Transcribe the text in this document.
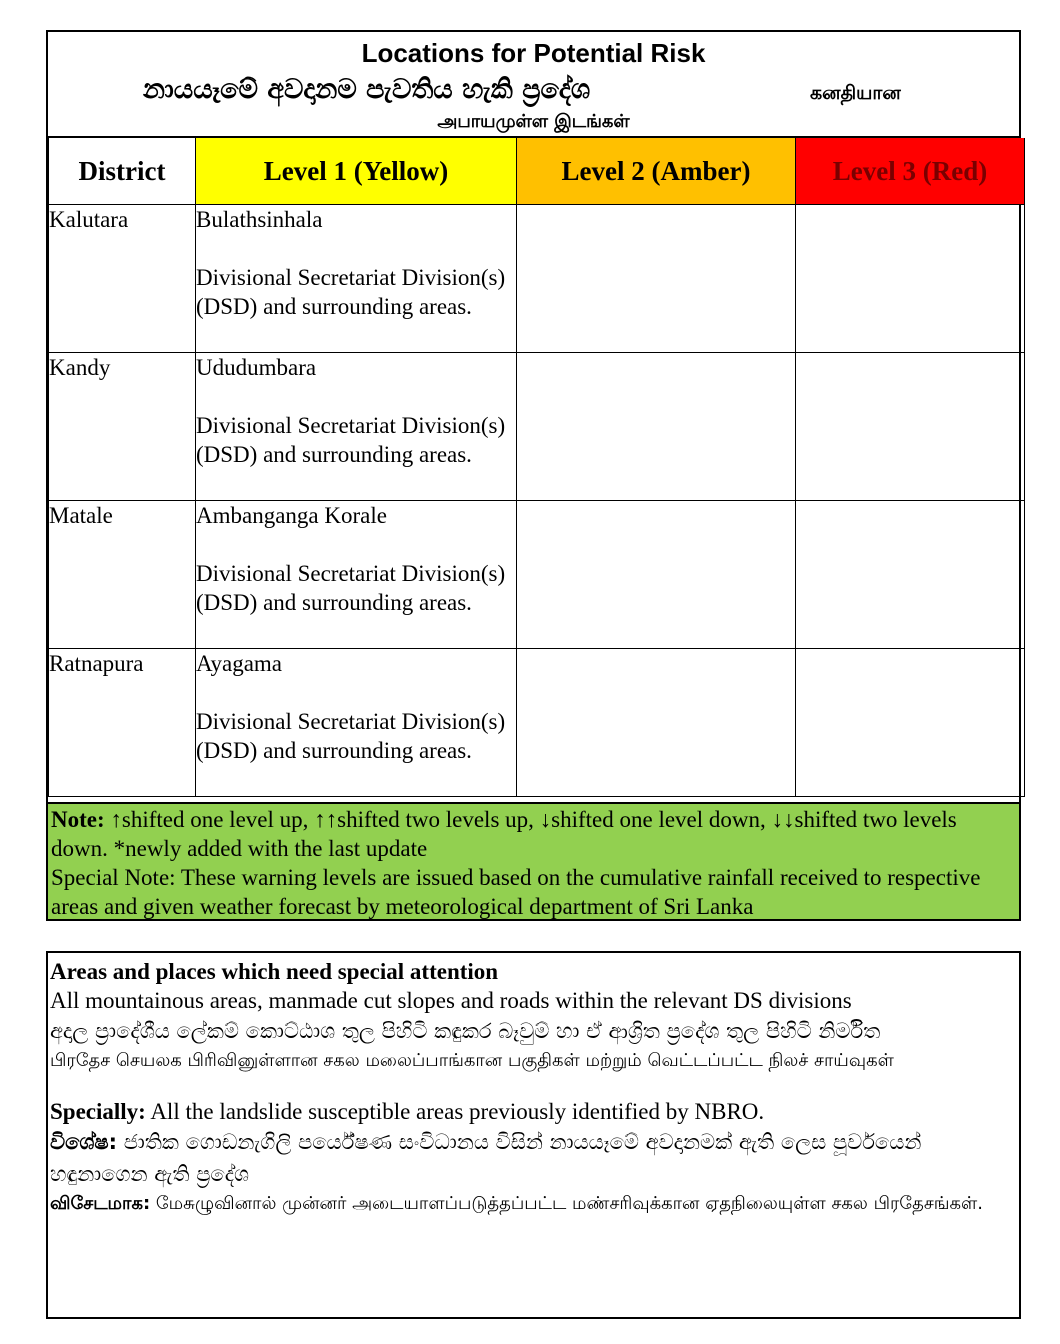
Locations for Potential Risk
නායයෑමේ අවදානම පැවතිය හැකි ප්‍රදේශ	கனதியான
அபாயமுள்ள இடங்கள்
District	Level 1 (Yellow)	Level 2 (Amber)	Level 3 (Red)
Kalutara	Bulathsinhala
Divisional Secretariat Division(s) (DSD) and surrounding areas.		
Kandy	Ududumbara
Divisional Secretariat Division(s) (DSD) and surrounding areas.		
Matale	Ambanganga Korale
Divisional Secretariat Division(s) (DSD) and surrounding areas.		
Ratnapura	Ayagama
Divisional Secretariat Division(s) (DSD) and surrounding areas.		
Note: ↑shifted one level up, ↑↑shifted two levels up, ↓shifted one level down, ↓↓shifted two levels down. *newly added with the last update
Special Note: These warning levels are issued based on the cumulative rainfall received to respective areas and given weather forecast by meteorological department of Sri Lanka
Areas and places which need special attention
All mountainous areas, manmade cut slopes and roads within the relevant DS divisions
අදාල ප්‍රාදේශීය ලේකම් කොට්ඨාශ තුල පිහිටි කඳුකර බෑවුම් හා ඒ ආශ්‍රිත ප්‍රදේශ තුල පිහිටි නිර්මිත
பிரதேச செயலக பிரிவினுள்ளான சகல மலைப்பாங்கான பகுதிகள் மற்றும் வெட்டப்பட்ட நிலச் சாய்வுகள்
Specially: All the landslide susceptible areas previously identified by NBRO.
විශේෂ: ජාතික ගොඩනැගිලි පර්යේෂණ සංවිධානය විසින් නායයෑමේ අවදානමක් ඇති ලෙස පූර්වයෙන් හඳුනාගෙන ඇති ප්‍රදේශ
விசேடமாக: மேசுழுவினால் முன்னர் அடையாளப்படுத்தப்பட்ட மண்சரிவுக்கான ஏதநிலையுள்ள சகல பிரதேசங்கள்.
